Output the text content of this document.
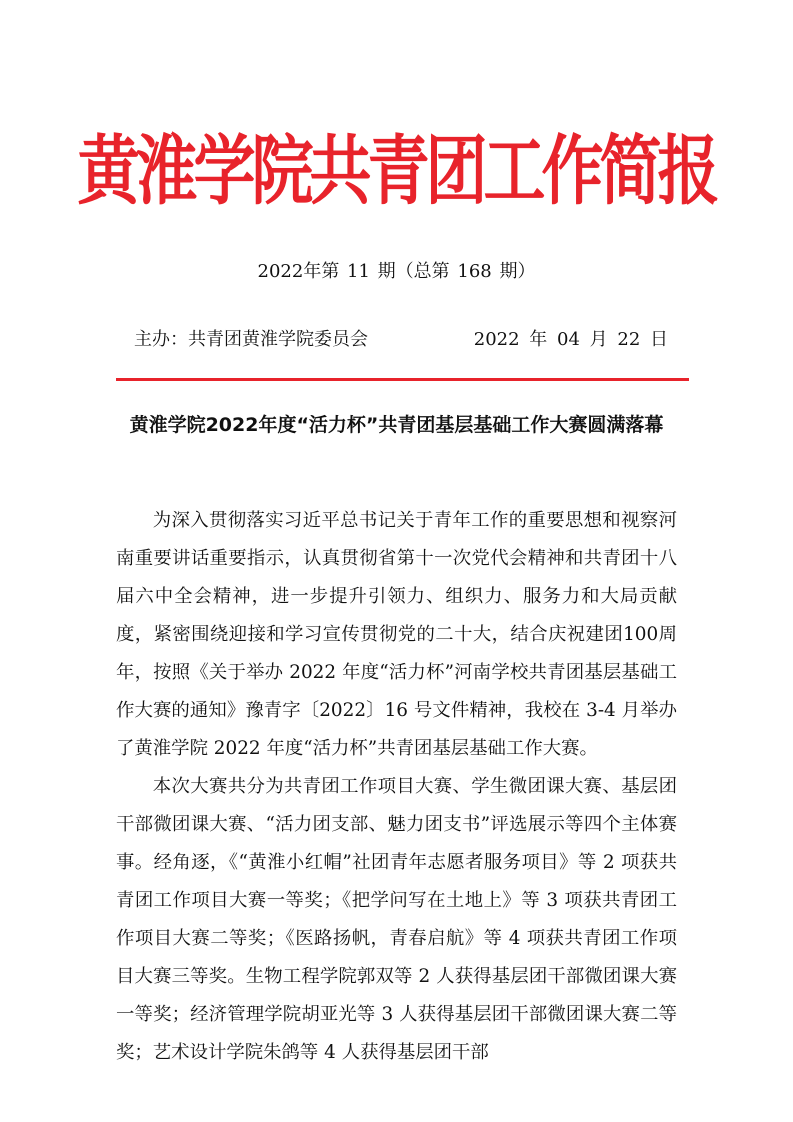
黄淮学院共青团工作简报
2022年第 11 期（总第 168 期）
主办：共青团黄淮学院委员会	2022 年 04 月 22 日
黄淮学院2022年度“活力杯”共青团基层基础工作大赛圆满落幕

为深入贯彻落实习近平总书记关于青年工作的重要思想和视察河南重要讲话重要指示，认真贯彻省第十一次党代会精神和共青团十八届六中全会精神，进一步提升引领力、组织力、服务力和大局贡献度，紧密围绕迎接和学习宣传贯彻党的二十大，结合庆祝建团100周年，按照《关于举办 2022 年度“活力杯”河南学校共青团基层基础工作大赛的通知》豫青字〔2022〕16 号文件精神，我校在 3-4 月举办了黄淮学院 2022 年度“活力杯”共青团基层基础工作大赛。

本次大赛共分为共青团工作项目大赛、学生微团课大赛、基层团干部微团课大赛、“活力团支部、魅力团支书”评选展示等四个主体赛事。经角逐，《“黄淮小红帽”社团青年志愿者服务项目》等 2 项获共青团工作项目大赛一等奖；《把学问写在土地上》等 3 项获共青团工作项目大赛二等奖；《医路扬帆，青春启航》等 4 项获共青团工作项目大赛三等奖。生物工程学院郭双等 2 人获得基层团干部微团课大赛一等奖；经济管理学院胡亚光等 3 人获得基层团干部微团课大赛二等奖；艺术设计学院朱鸽等 4 人获得基层团干部
